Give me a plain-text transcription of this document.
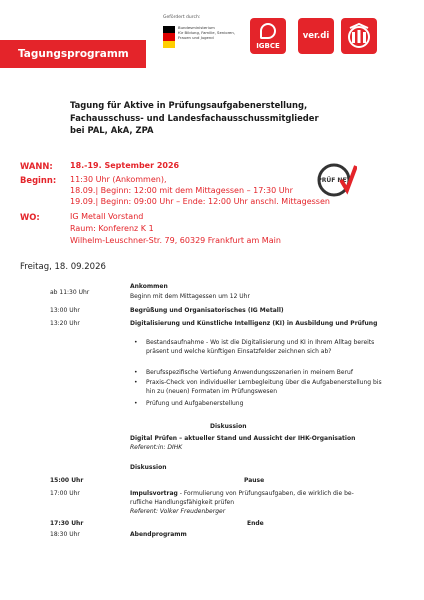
Tagungsprogramm
Gefördert durch:
Bundesministerium
für Bildung, Familie, Senioren,
Frauen und Jugend
IGBCE
ver.di
Tagung für Aktive in Prüfungsaufgabenerstellung,
Fachausschuss- und Landesfachausschussmitglieder
bei PAL, AkA, ZPA
WANN: 18.-19. September 2026
Beginn: 11:30 Uhr (Ankommen),
18.09.| Beginn: 12:00 mit dem Mittagessen – 17:30 Uhr
19.09.| Beginn: 09:00 Uhr – Ende: 12:00 Uhr anschl. Mittagessen
WO:	IG Metall Vorstand
Raum: Konferenz K 1
Wilhelm-Leuschner-Str. 79, 60329 Frankfurt am Main
PRÜF NET
Freitag, 18. 09.2026
ab 11:30 Uhr
Ankommen
Beginn mit dem Mittagessen um 12 Uhr
13:00 Uhr	Begrüßung und Organisatorisches (IG Metall)
13:20 Uhr	Digitalisierung und Künstliche Intelligenz (KI) in Ausbildung und Prüfung
• Bestandsaufnahme - Wo ist die Digitalisierung und KI in Ihrem Alltag bereits präsent und welche künftigen Einsatzfelder zeichnen sich ab?
• Berufsspezifische Vertiefung Anwendungsszenarien in meinem Beruf
• Praxis-Check von individueller Lernbegleitung über die Aufgabenerstellung bis hin zu (neuen) Formaten im Prüfungswesen
• Prüfung und Aufgabenerstellung
Diskussion
Digital Prüfen – aktueller Stand und Aussicht der IHK-Organisation
Referent:in: DIHK
Diskussion
15:00 Uhr	Pause
17:00 Uhr	Impulsvortrag - Formulierung von Prüfungsaufgaben, die wirklich die be-
rufliche Handlungsfähigkeit prüfen
Referent: Volker Freudenberger
17:30 Uhr	Ende
18:30 Uhr	Abendprogramm
